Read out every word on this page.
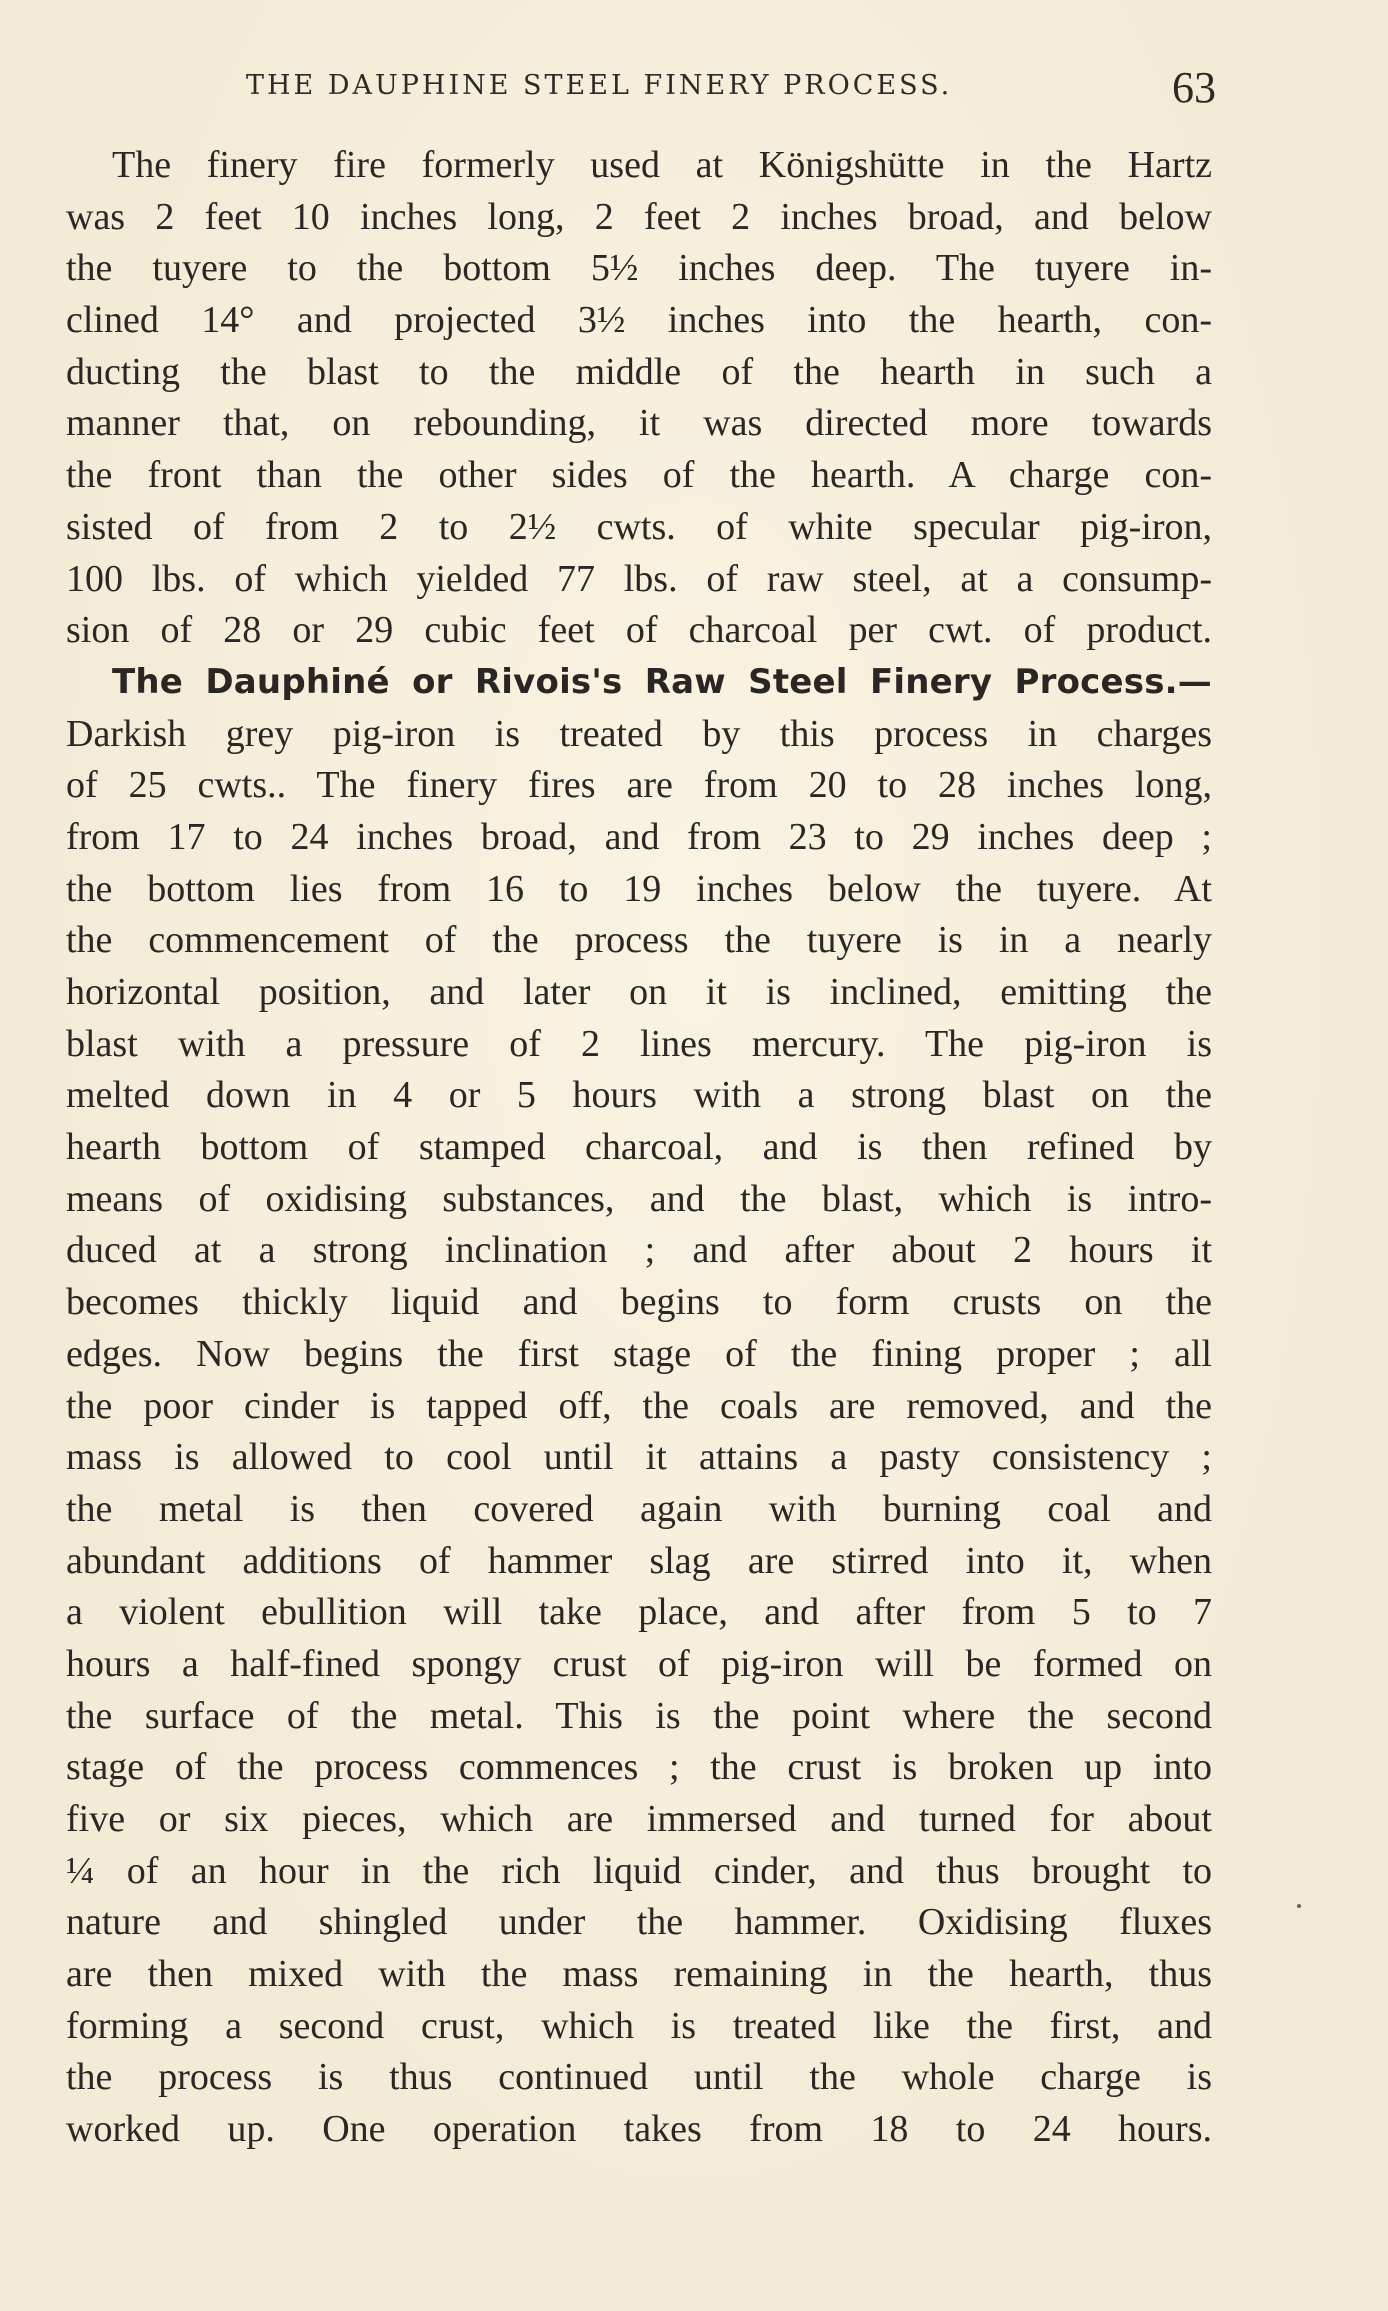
THE DAUPHINE STEEL FINERY PROCESS.	63
The finery fire formerly used at Königshütte in the Hartz
was 2 feet 10 inches long, 2 feet 2 inches broad, and below
the tuyere to the bottom 5½ inches deep. The tuyere in-
clined 14° and projected 3½ inches into the hearth, con-
ducting the blast to the middle of the hearth in such a
manner that, on rebounding, it was directed more towards
the front than the other sides of the hearth. A charge con-
sisted of from 2 to 2½ cwts. of white specular pig-iron,
100 lbs. of which yielded 77 lbs. of raw steel, at a consump-
sion of 28 or 29 cubic feet of charcoal per cwt. of product.
The Dauphiné or Rivois's Raw Steel Finery Process.—
Darkish grey pig-iron is treated by this process in charges
of 25 cwts.. The finery fires are from 20 to 28 inches long,
from 17 to 24 inches broad, and from 23 to 29 inches deep ;
the bottom lies from 16 to 19 inches below the tuyere. At
the commencement of the process the tuyere is in a nearly
horizontal position, and later on it is inclined, emitting the
blast with a pressure of 2 lines mercury. The pig-iron is
melted down in 4 or 5 hours with a strong blast on the
hearth bottom of stamped charcoal, and is then refined by
means of oxidising substances, and the blast, which is intro-
duced at a strong inclination ; and after about 2 hours it
becomes thickly liquid and begins to form crusts on the
edges. Now begins the first stage of the fining proper ; all
the poor cinder is tapped off, the coals are removed, and the
mass is allowed to cool until it attains a pasty consistency ;
the metal is then covered again with burning coal and
abundant additions of hammer slag are stirred into it, when
a violent ebullition will take place, and after from 5 to 7
hours a half-fined spongy crust of pig-iron will be formed on
the surface of the metal. This is the point where the second
stage of the process commences ; the crust is broken up into
five or six pieces, which are immersed and turned for about
¼ of an hour in the rich liquid cinder, and thus brought to
nature and shingled under the hammer. Oxidising fluxes
are then mixed with the mass remaining in the hearth, thus
forming a second crust, which is treated like the first, and
the process is thus continued until the whole charge is
worked up. One operation takes from 18 to 24 hours.
